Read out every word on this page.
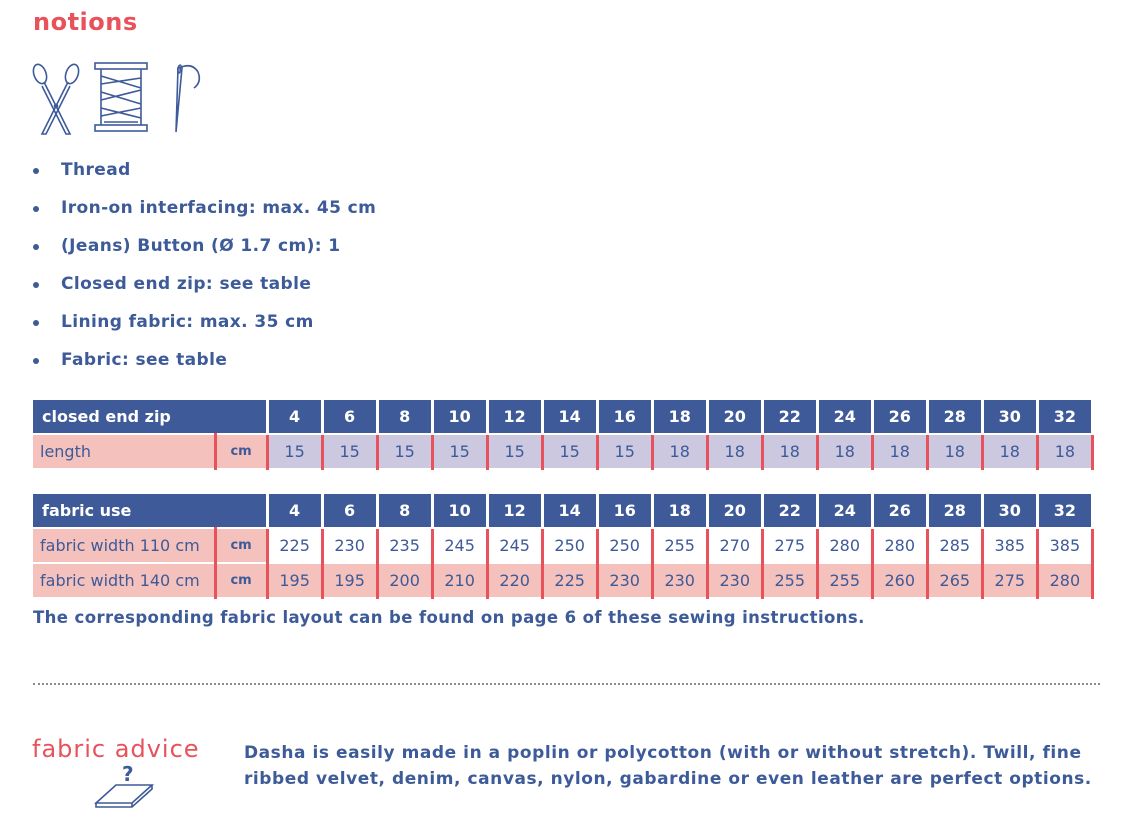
notions
Thread
Iron-on interfacing: max. 45 cm
(Jeans) Button (Ø 1.7 cm): 1
Closed end zip: see table
Lining fabric: max. 35 cm
Fabric: see table
closed end zip		4	6	8	10	12	14	16	18	20	22	24	26	28	30	32
length	cm	15	15	15	15	15	15	15	18	18	18	18	18	18	18	18
fabric use		4	6	8	10	12	14	16	18	20	22	24	26	28	30	32
fabric width 110 cm	cm	225	230	235	245	245	250	250	255	270	275	280	280	285	385	385
fabric width 140 cm	cm	195	195	200	210	220	225	230	230	230	255	255	260	265	275	280
The corresponding fabric layout can be found on page 6 of these sewing instructions.
fabric advice
?
Dasha is easily made in a poplin or polycotton (with or without stretch). Twill, fine ribbed velvet, denim, canvas, nylon, gabardine or even leather are perfect options.
